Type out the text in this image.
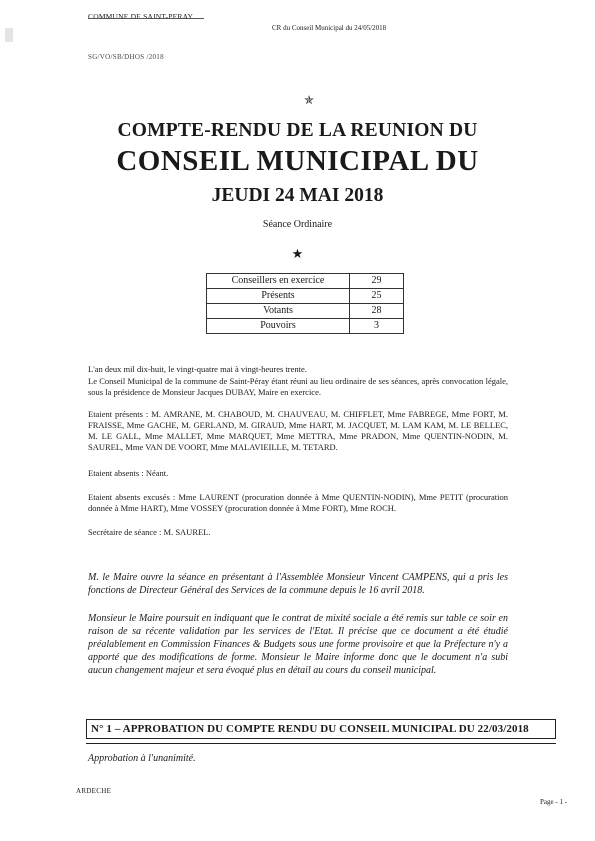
COMMUNE DE SAINT-PERAY
CR du Conseil Municipal du 24/05/2018
SG/VO/SB/DHOS /2018
✯
COMPTE-RENDU DE LA REUNION DU
CONSEIL MUNICIPAL DU
JEUDI 24 MAI 2018
Séance Ordinaire
★
Conseillers en exercice	29
Présents	25
Votants	28
Pouvoirs	3
L'an deux mil dix-huit, le vingt-quatre mai à vingt-heures trente.
Le Conseil Municipal de la commune de Saint-Péray étant réuni au lieu ordinaire de ses séances, après convocation légale, sous la présidence de Monsieur Jacques DUBAY, Maire en exercice.
Etaient présents : M. AMRANE, M. CHABOUD, M. CHAUVEAU, M. CHIFFLET, Mme FABREGE, Mme FORT, M. FRAISSE, Mme GACHE, M. GERLAND, M. GIRAUD, Mme HART, M. JACQUET, M. LAM KAM, M. LE BELLEC, M. LE GALL, Mme MALLET, Mme MARQUET, Mme METTRA, Mme PRADON, Mme QUENTIN-NODIN, M. SAUREL, Mme VAN DE VOORT, Mme MALAVIEILLE, M. TETARD.
Etaient absents : Néant.
Etaient absents excusés : Mme LAURENT (procuration donnée à Mme QUENTIN-NODIN), Mme PETIT (procuration donnée à Mme HART), Mme VOSSEY (procuration donnée à Mme FORT), Mme ROCH.
Secrétaire de séance : M. SAUREL.
M. le Maire ouvre la séance en présentant à l'Assemblée Monsieur Vincent CAMPENS, qui a pris les fonctions de Directeur Général des Services de la commune depuis le 16 avril 2018.
Monsieur le Maire poursuit en indiquant que le contrat de mixité sociale a été remis sur table ce soir en raison de sa récente validation par les services de l'Etat. Il précise que ce document a été étudié préalablement en Commission Finances & Budgets sous une forme provisoire et que la Préfecture n'y a apporté que des modifications de forme. Monsieur le Maire informe donc que le document n'a subi aucun changement majeur et sera évoqué plus en détail au cours du conseil municipal.
N° 1 – APPROBATION DU COMPTE RENDU DU CONSEIL MUNICIPAL DU 22/03/2018
Approbation à l'unanimité.
ARDECHE
Page - 1 -
